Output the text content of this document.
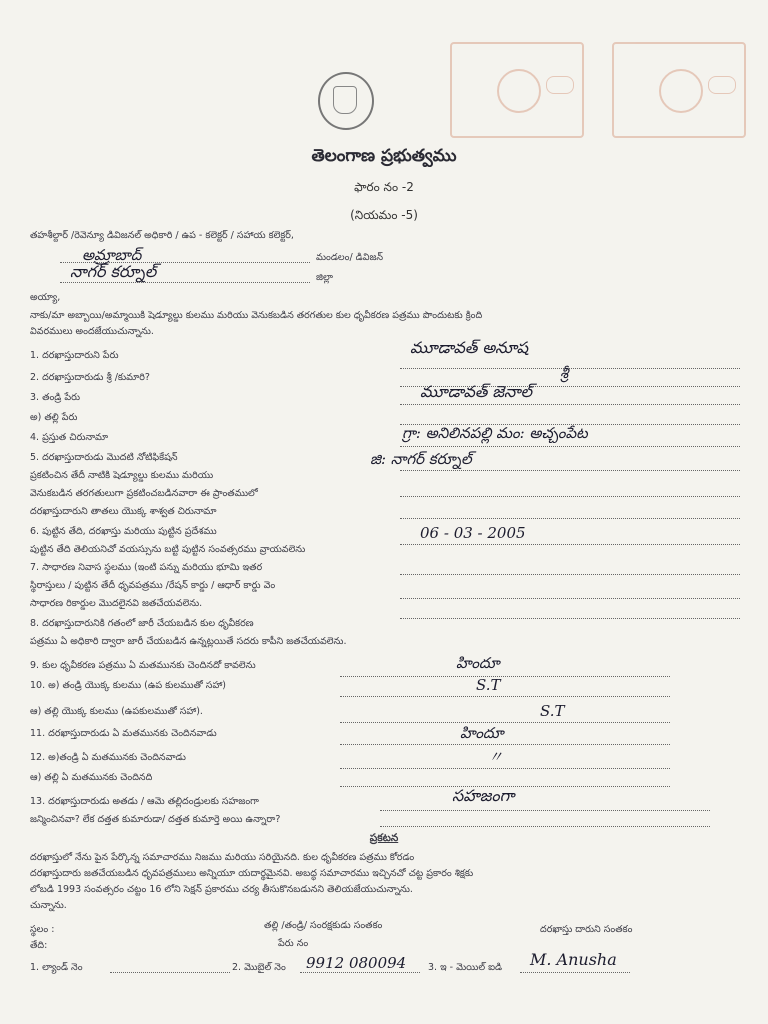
తెలంగాణ ప్రభుత్వము
ఫారం నం -2
(నియమం -5)
తహశీల్దార్ /రెవెన్యూ డివిజనల్ అధికారి / ఉప - కలెక్టర్ / సహాయ కలెక్టర్,
అమ్రాబాద్	మండలం/ డివిజన్
నాగర్ కర్నూల్	జిల్లా
అయ్యా,
నాకు/మా అబ్బాయి/అమ్మాయికి షెడ్యూల్డు కులము మరియు వెనుకబడిన తరగతుల కుల ధృవీకరణ పత్రము పొందుటకు క్రింది
వివరములు అందజేయుచున్నాను.
1. దరఖాస్తుదారుని పేరు	మూడావత్ అనూష
2. దరఖాస్తుదారుడు శ్రీ /కుమారి?	శ్రీ
3. తండ్రి పేరు	మూడావత్ జెనాల్
అ) తల్లి పేరు
4. ప్రస్తుత చిరునామా	గ్రా: అనిలినపల్లి మం: అచ్చంపేట
5. దరఖాస్తుదారుడు మొదటి నోటిఫికేషన్	జి: నాగర్ కర్నూల్
ప్రకటించిన తేదీ నాటికి షెడ్యూల్డు కులము మరియు
వెనుకబడిన తరగతులుగా ప్రకటించబడినవారా ఈ ప్రాంతములో
దరఖాస్తుదారుని తాతలు యొక్క శాశ్వత చిరునామా
6. పుట్టిన తేది, దరఖాస్తు మరియు పుట్టిన ప్రదేశము	06 - 03 - 2005
పుట్టిన తేది తెలియనిచో వయస్సును బట్టి పుట్టిన సంవత్సరము వ్రాయవలెను
7. సాధారణ నివాస స్థలము (ఇంటి పన్ను మరియు భూమి ఇతర
స్థిరాస్తులు / పుట్టిన తేదీ ధృవపత్రము /రేషన్ కార్డు / ఆధార్ కార్డు వెం
సాధారణ రికార్డుల మొదలైనవి జతచేయవలెను.
8. దరఖాస్తుదారునికి గతంలో జారీ చేయబడిన కుల ధృవీకరణ
పత్రము ఏ అధికారి ద్వారా జారీ చేయబడిన ఉన్నట్లయితే సదరు కాపీని జతచేయవలెను.
9. కుల ధృవీకరణ పత్రము ఏ మతమునకు చెందినదో కావలెను	హిందూ
10. అ) తండ్రి యొక్క కులము (ఉప కులముతో సహా)	S.T
ఆ) తల్లి యొక్క కులము (ఉపకులముతో సహా).	S.T
11. దరఖాస్తుదారుడు ఏ మతమునకు చెందినవాడు	హిందూ
12. అ)తండ్రి ఏ మతమునకు చెందినవాడు	〃
ఆ) తల్లి ఏ మతమునకు చెందినది
13. దరఖాస్తుదారుడు అతడు / ఆమె తల్లిదండ్రులకు సహజంగా	సహజంగా
జన్మించినవా? లేక దత్తత కుమారుడా/ దత్తత కుమార్తె అయి ఉన్నారా?
ప్రకటన
దరఖాస్తులో నేను పైన పేర్కొన్న సమాచారము నిజము మరియు సరియైనది. కుల ధృవీకరణ పత్రము కోరడం
దరఖాస్తుదారు జతచేయబడిన ధృవపత్రములు అన్నియూ యదార్థమైనవి. అబద్ధ సమాచారము ఇచ్చినచో చట్ట ప్రకారం శిక్షకు
లోబడి 1993 సంవత్సరం చట్టం 16 లోని సెక్షన్ ప్రకారము చర్య తీసుకొనబడునని తెలియజేయుచున్నాను.
చున్నాను.
స్థలం :
తేది:
తల్లి /తండ్రి/ సంరక్షకుడు సంతకం
పేరు నం
దరఖాస్తు దారుని సంతకం
1. ల్యాండ్ నెం	2. మొబైల్ నెం 9912 080094 3. ఇ - మెయిల్ ఐడి M. Anusha
